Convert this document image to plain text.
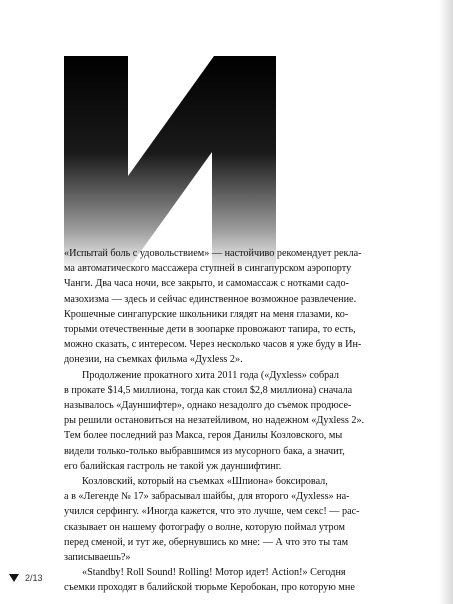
«Испытай боль с удовольствием» — настойчиво рекомендует рекла-

ма автоматического массажера ступней в сингапурском аэропорту

Чанги. Два часа ночи, все закрыто, и самомассаж с нотками садо-

мазохизма — здесь и сейчас единственное возможное развлечение.

Крошечные сингапурские школьники глядят на меня глазами, ко-

торыми отечественные дети в зоопарке провожают тапира, то есть,

можно сказать, с интересом. Через несколько часов я уже буду в Ин-

донезии, на съемках фильма «Духless 2».

Продолжение прокатного хита 2011 года («Духless» собрал

в прокате $14,5 миллиона, тогда как стоил $2,8 миллиона) сначала

называлось «Дауншифтер», однако незадолго до съемок продюсе-

ры решили остановиться на незатейливом, но надежном «Духless 2».

Тем более последний раз Макса, героя Данилы Козловского, мы

видели только-только выбравшимся из мусорного бака, а значит,

его балийская гастроль не такой уж дауншифтинг.

Козловский, который на съемках «Шпиона» боксировал,

а в «Легенде № 17» забрасывал шайбы, для второго «Духless» на-

учился серфингу. «Иногда кажется, что это лучше, чем секс! — рас-

сказывает он нашему фотографу о волне, которую поймал утром

перед сменой, и тут же, обернувшись ко мне: — А что это ты там

записываешь?»

«Standby! Roll Sound! Rolling! Мотор идет! Action!» Сегодня

съемки проходят в балийской тюрьме Керобокан, про которую мне

2/13
